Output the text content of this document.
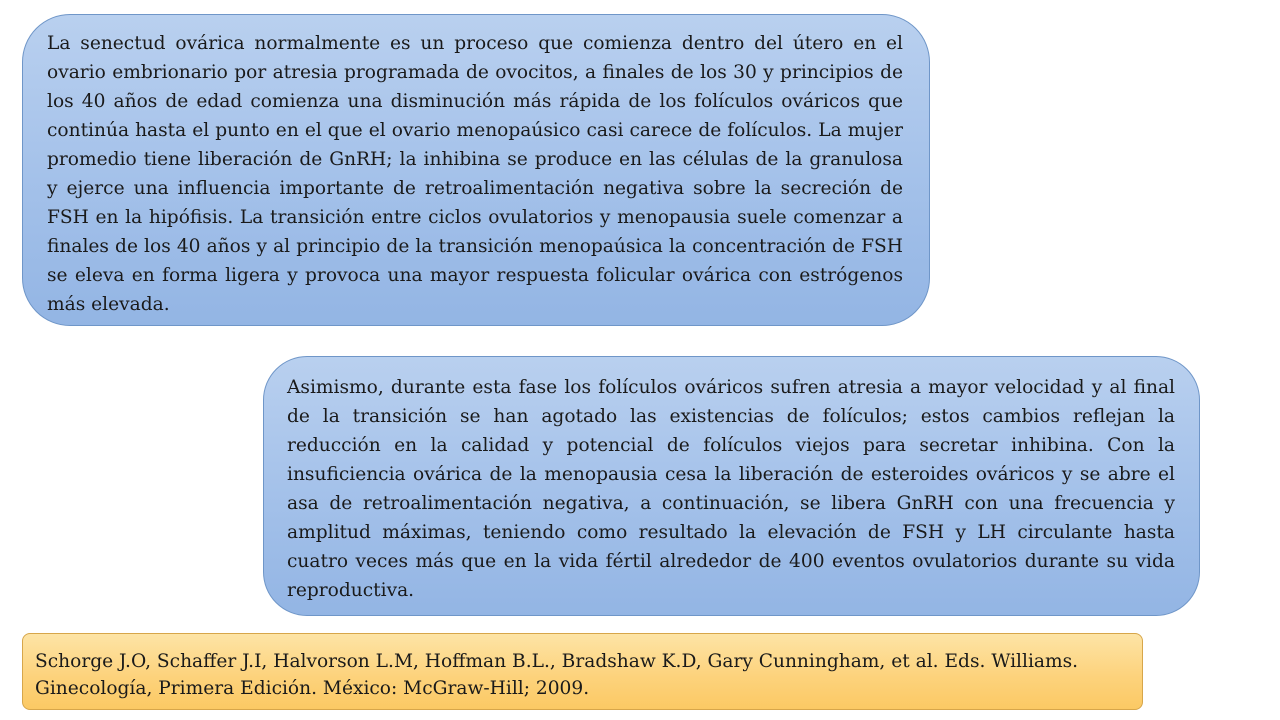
La senectud ovárica normalmente es un proceso que comienza dentro del útero en el ovario embrionario por atresia programada de ovocitos, a finales de los 30 y principios de los 40 años de edad comienza una disminución más rápida de los folículos ováricos que continúa hasta el punto en el que el ovario menopaúsico casi carece de folículos. La mujer promedio tiene liberación de GnRH; la inhibina se produce en las células de la granulosa y ejerce una influencia importante de retroalimentación negativa sobre la secreción de FSH en la hipófisis. La transición entre ciclos ovulatorios y menopausia suele comenzar a finales de los 40 años y al principio de la transición menopaúsica la concentración de FSH se eleva en forma ligera y provoca una mayor respuesta folicular ovárica con estrógenos más elevada.

Asimismo, durante esta fase los folículos ováricos sufren atresia a mayor velocidad y al final de la transición se han agotado las existencias de folículos; estos cambios reflejan la reducción en la calidad y potencial de folículos viejos para secretar inhibina. Con la insuficiencia ovárica de la menopausia cesa la liberación de esteroides ováricos y se abre el asa de retroalimentación negativa, a continuación, se libera GnRH con una frecuencia y amplitud máximas, teniendo como resultado la elevación de FSH y LH circulante hasta cuatro veces más que en la vida fértil alrededor de 400 eventos ovulatorios durante su vida reproductiva.

Schorge J.O, Schaffer J.I, Halvorson L.M, Hoffman B.L., Bradshaw K.D, Gary Cunningham, et al. Eds. Williams.
Ginecología, Primera Edición. México: McGraw-Hill; 2009.
